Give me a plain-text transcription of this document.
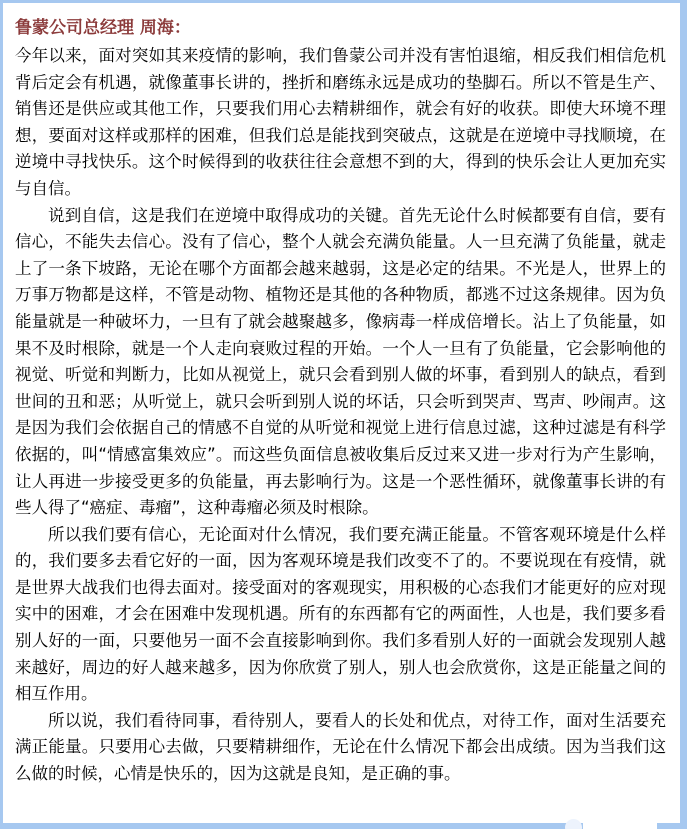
鲁蒙公司总经理 周海：

今年以来，面对突如其来疫情的影响，我们鲁蒙公司并没有害怕退缩，相反我们相信危机背后定会有机遇，就像董事长讲的，挫折和磨练永远是成功的垫脚石。所以不管是生产、销售还是供应或其他工作，只要我们用心去精耕细作，就会有好的收获。即使大环境不理想，要面对这样或那样的困难，但我们总是能找到突破点，这就是在逆境中寻找顺境，在逆境中寻找快乐。这个时候得到的收获往往会意想不到的大，得到的快乐会让人更加充实与自信。

说到自信，这是我们在逆境中取得成功的关键。首先无论什么时候都要有自信，要有信心，不能失去信心。没有了信心，整个人就会充满负能量。人一旦充满了负能量，就走上了一条下坡路，无论在哪个方面都会越来越弱，这是必定的结果。不光是人，世界上的万事万物都是这样，不管是动物、植物还是其他的各种物质，都逃不过这条规律。因为负能量就是一种破坏力，一旦有了就会越聚越多，像病毒一样成倍增长。沾上了负能量，如果不及时根除，就是一个人走向衰败过程的开始。一个人一旦有了负能量，它会影响他的视觉、听觉和判断力，比如从视觉上，就只会看到别人做的坏事，看到别人的缺点，看到世间的丑和恶；从听觉上，就只会听到别人说的坏话，只会听到哭声、骂声、吵闹声。这是因为我们会依据自己的情感不自觉的从听觉和视觉上进行信息过滤，这种过滤是有科学依据的，叫“情感富集效应”。而这些负面信息被收集后反过来又进一步对行为产生影响，让人再进一步接受更多的负能量，再去影响行为。这是一个恶性循环，就像董事长讲的有些人得了“癌症、毒瘤”，这种毒瘤必须及时根除。

所以我们要有信心，无论面对什么情况，我们要充满正能量。不管客观环境是什么样的，我们要多去看它好的一面，因为客观环境是我们改变不了的。不要说现在有疫情，就是世界大战我们也得去面对。接受面对的客观现实，用积极的心态我们才能更好的应对现实中的困难，才会在困难中发现机遇。所有的东西都有它的两面性，人也是，我们要多看别人好的一面，只要他另一面不会直接影响到你。我们多看别人好的一面就会发现别人越来越好，周边的好人越来越多，因为你欣赏了别人，别人也会欣赏你，这是正能量之间的相互作用。

所以说，我们看待同事，看待别人，要看人的长处和优点，对待工作，面对生活要充满正能量。只要用心去做，只要精耕细作，无论在什么情况下都会出成绩。因为当我们这么做的时候，心情是快乐的，因为这就是良知，是正确的事。
